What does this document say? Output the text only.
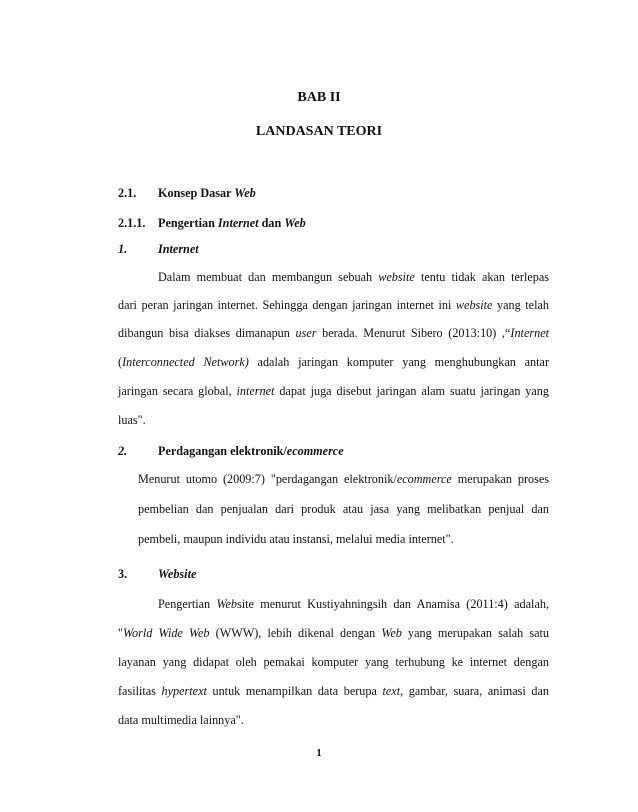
BAB II
LANDASAN TEORI
2.1. Konsep Dasar Web
2.1.1. Pengertian Internet dan Web
1.	Internet
Dalam membuat dan membangun sebuah website tentu tidak akan terlepas
dari peran jaringan internet. Sehingga dengan jaringan internet ini website yang telah
dibangun bisa diakses dimanapun user berada. Menurut Sibero (2013:10) ,“Internet
(Interconnected Network) adalah jaringan komputer yang menghubungkan antar
jaringan secara global, internet dapat juga disebut jaringan alam suatu jaringan yang
luas".
2.	Perdagangan elektronik/ecommerce
Menurut utomo (2009:7) "perdagangan elektronik/ecommerce merupakan proses
pembelian dan penjualan dari produk atau jasa yang melibatkan penjual dan
pembeli, maupun individu atau instansi, melalui media internet".
3.	Website
Pengertian Website menurut Kustiyahningsih dan Anamisa (2011:4) adalah,
"World Wide Web (WWW), lebih dikenal dengan Web yang merupakan salah satu
layanan yang didapat oleh pemakai komputer yang terhubung ke internet dengan
fasilitas hypertext untuk menampilkan data berupa text, gambar, suara, animasi dan
data multimedia lainnya".
1
